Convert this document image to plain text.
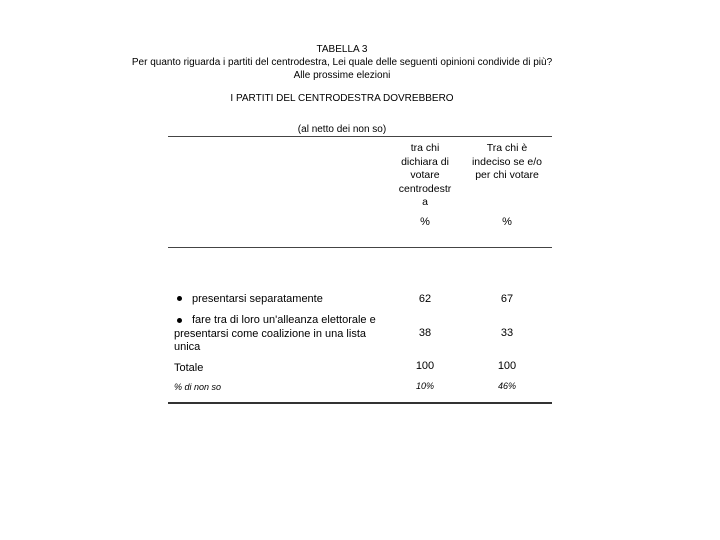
TABELLA 3
Per quanto riguarda i partiti del centrodestra, Lei quale delle seguenti opinioni condivide di più?
Alle prossime elezioni
I PARTITI DEL CENTRODESTRA DOVREBBERO
(al netto dei non so)
tra chi
dichiara di
votare
centrodestr
a
%
Tra chi è
indeciso se e/o
per chi votare
%
presentarsi separatamente	62	67
fare tra di loro un'alleanza elettorale e
presentarsi come coalizione in una lista
unica
38	33
Totale	100	100
% di non so	10%	46%
